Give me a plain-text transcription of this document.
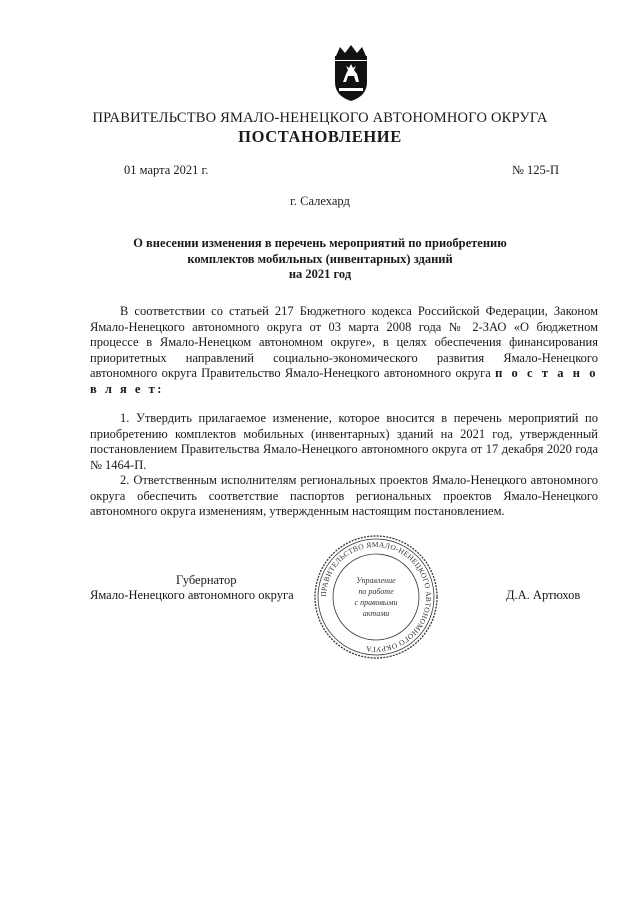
ПРАВИТЕЛЬСТВО ЯМАЛО-НЕНЕЦКОГО АВТОНОМНОГО ОКРУГА
ПОСТАНОВЛЕНИЕ
01 марта 2021 г.	№ 125-П
г. Салехард
О внесении изменения в перечень мероприятий по приобретению
комплектов мобильных (инвентарных) зданий
на 2021 год

В соответствии со статьей 217 Бюджетного кодекса Российской Федерации, Законом Ямало-Ненецкого автономного округа от 03 марта 2008 года № 2-ЗАО «О бюджетном процессе в Ямало-Ненецком автономном округе», в целях обеспечения финансирования приоритетных направлений социально-экономического развития Ямало-Ненецкого автономного округа Правительство Ямало-Ненецкого автономного округа п о с т а н о в л я е т:

1. Утвердить прилагаемое изменение, которое вносится в перечень мероприятий по приобретению комплектов мобильных (инвентарных) зданий на 2021 год, утвержденный постановлением Правительства Ямало-Ненецкого автономного округа от 17 декабря 2020 года № 1464-П.

2. Ответственным исполнителям региональных проектов Ямало-Ненецкого автономного округа обеспечить соответствие паспортов региональных проектов Ямало-Ненецкого автономного округа изменениям, утвержденным настоящим постановлением.

Губернатор
Ямало-Ненецкого автономного округа	Д.А. Артюхов
ПРАВИТЕЛЬСТВО ЯМАЛО-НЕНЕЦКОГО АВТОНОМНОГО ОКРУГА
Управление
по работе
с правовыми
актами
